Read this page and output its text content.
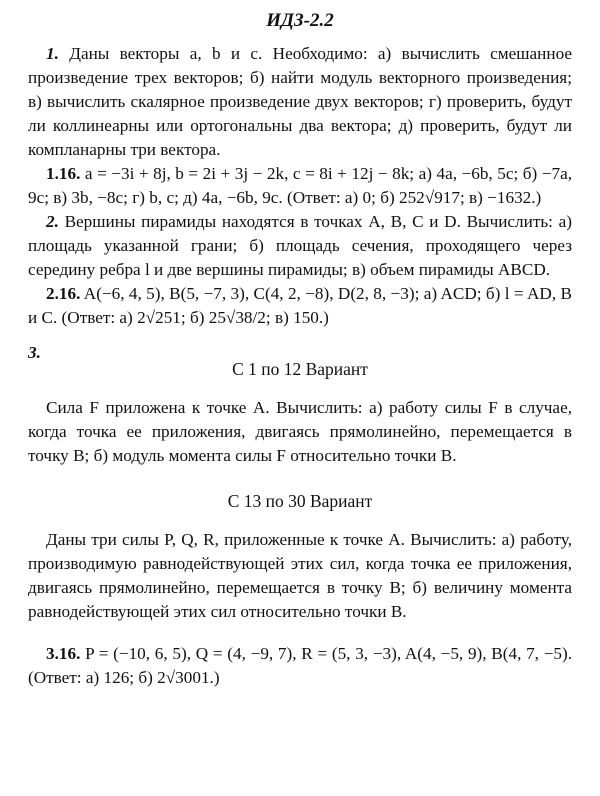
ИДЗ-2.2

1. Даны векторы a, b и c. Необходимо: а) вычислить смешанное произведение трех векторов; б) найти модуль векторного произведения; в) вычислить скалярное произведение двух векторов; г) проверить, будут ли коллинеарны или ортогональны два вектора; д) проверить, будут ли компланарны три вектора.

1.16. a = −3i + 8j, b = 2i + 3j − 2k, c = 8i + 12j − 8k; а) 4a, −6b, 5c; б) −7a, 9c; в) 3b, −8c; г) b, c; д) 4a, −6b, 9c. (Ответ: а) 0; б) 252√917; в) −1632.)

2. Вершины пирамиды находятся в точках A, B, C и D. Вычислить: а) площадь указанной грани; б) площадь сечения, проходящего через середину ребра l и две вершины пирамиды; в) объем пирамиды ABCD.

2.16. A(−6, 4, 5), B(5, −7, 3), C(4, 2, −8), D(2, 8, −3); а) ACD; б) l = AD, B и C. (Ответ: а) 2√251; б) 25√38/2; в) 150.)

3.
С 1 по 12 Вариант

Сила F приложена к точке A. Вычислить: а) работу силы F в случае, когда точка ее приложения, двигаясь прямолинейно, перемещается в точку B; б) модуль момента силы F относительно точки B.

С 13 по 30 Вариант

Даны три силы P, Q, R, приложенные к точке A. Вычислить: а) работу, производимую равнодействующей этих сил, когда точка ее приложения, двигаясь прямолинейно, перемещается в точку B; б) величину момента равнодействующей этих сил относительно точки B.

3.16. P = (−10, 6, 5), Q = (4, −9, 7), R = (5, 3, −3), A(4, −5, 9), B(4, 7, −5). (Ответ: а) 126; б) 2√3001.)
